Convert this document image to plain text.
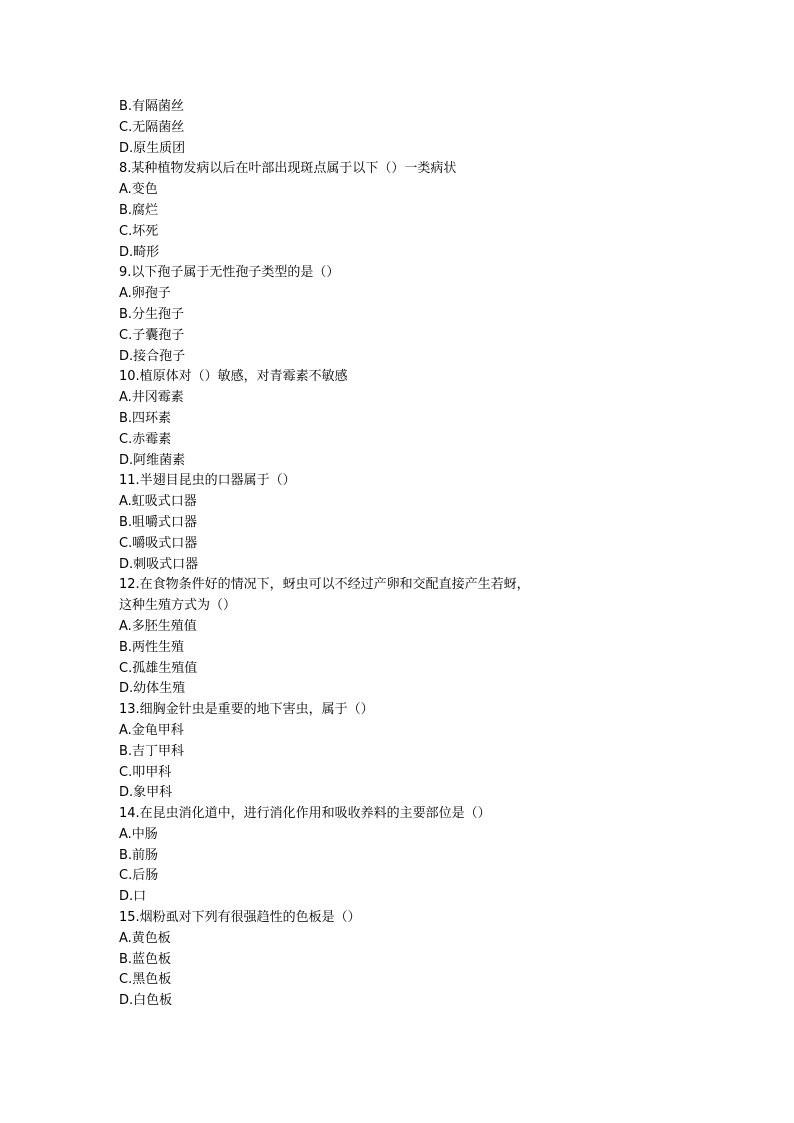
B.有隔菌丝
C.无隔菌丝
D.原生质团
8.某种植物发病以后在叶部出现斑点属于以下（）一类病状
A.变色
B.腐烂
C.坏死
D.畸形
9.以下孢子属于无性孢子类型的是（）
A.卵孢子
B.分生孢子
C.子囊孢子
D.接合孢子
10.植原体对（）敏感，对青霉素不敏感
A.井冈霉素
B.四环素
C.赤霉素
D.阿维菌素
11.半翅目昆虫的口器属于（）
A.虹吸式口器
B.咀嚼式口器
C.嚼吸式口器
D.刺吸式口器
12.在食物条件好的情况下，蚜虫可以不经过产卵和交配直接产生若蚜，
这种生殖方式为（）
A.多胚生殖值
B.两性生殖
C.孤雄生殖值
D.幼体生殖
13.细胸金针虫是重要的地下害虫，属于（）
A.金龟甲科
B.吉丁甲科
C.叩甲科
D.象甲科
14.在昆虫消化道中，进行消化作用和吸收养料的主要部位是（）
A.中肠
B.前肠
C.后肠
D.口
15.烟粉虱对下列有很强趋性的色板是（）
A.黄色板
B.蓝色板
C.黑色板
D.白色板
